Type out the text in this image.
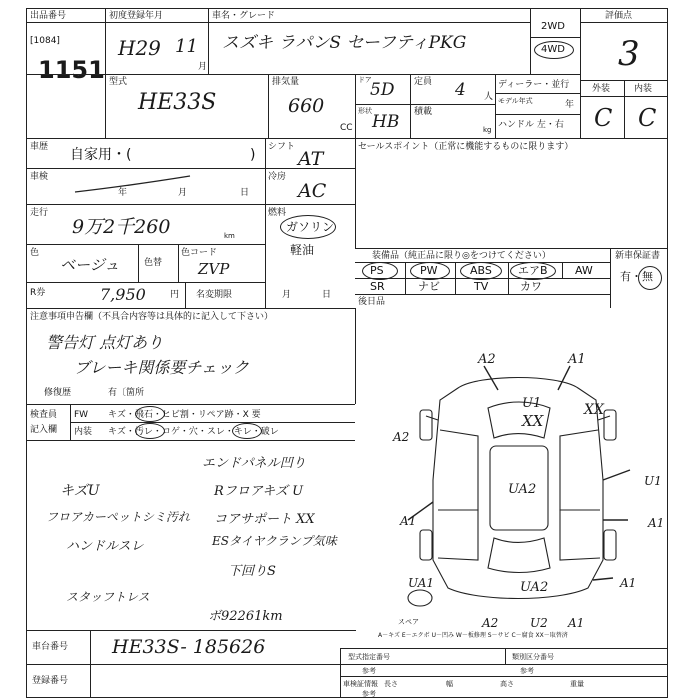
出品番号
[1084]
1151
初度登録年月
H29 11
月
車名・グレード
スズキ ラパンS セーフティPKG
2WD
4WD
評価点
3
型式
HE33S
排気量
660
CC
ドア
5D
形状
HB
定員 4 人
積載
kg
ディーラー・並行
モデル年式	年
ハンドル 左・右
外装	内装
C C
車歴 自家用・(	) シフト
AT
セールスポイント（正常に機能するものに限ります）
車検
年	月	日
冷房
AC
走行
9万2千260	km
燃料
ガソリン
軽油
色
ベージュ	色替
色コード
ZVP
装備品（純正品に限り◎をつけてください）	新車保証書
有・無
PS	PW	ABS エアB AW
SR	ナビ	TV	カワ
後日品
R券	7,950	円 名変期限	月	日
注意事項申告欄（不具合内容等は具体的に記入して下さい）
警告灯 点灯あり
ブレーキ関係要チェック
修復歴	有〔箇所
検査員
記入欄
FW キズ・飛石・ヒビ割・リペア跡・X 要
内装 キズ・汚レ・コゲ・穴・スレ・キレ・破レ
エンドパネル凹り
キズU	Rフロアキズ U
フロアカーペットシミ汚れ コアサポート XX
ハンドルスレ	ESタイヤクランプ気味
下回りS
スタッフトレス
ボ92261km
A2	A1
U1
XX
XX
A2
UA2
U1
A1	A1
UA1	UA2	A1
A2	U2 A1
スペア
A－キズ E－エクボ U－凹み W－板修理 S－サビ C－腐食 XX－取替済
車台番号 HE33S- 185626
登録番号
型式指定番号	類別区分番号
参考	参考
車検証情報 長さ	幅	高さ	重量
参考
